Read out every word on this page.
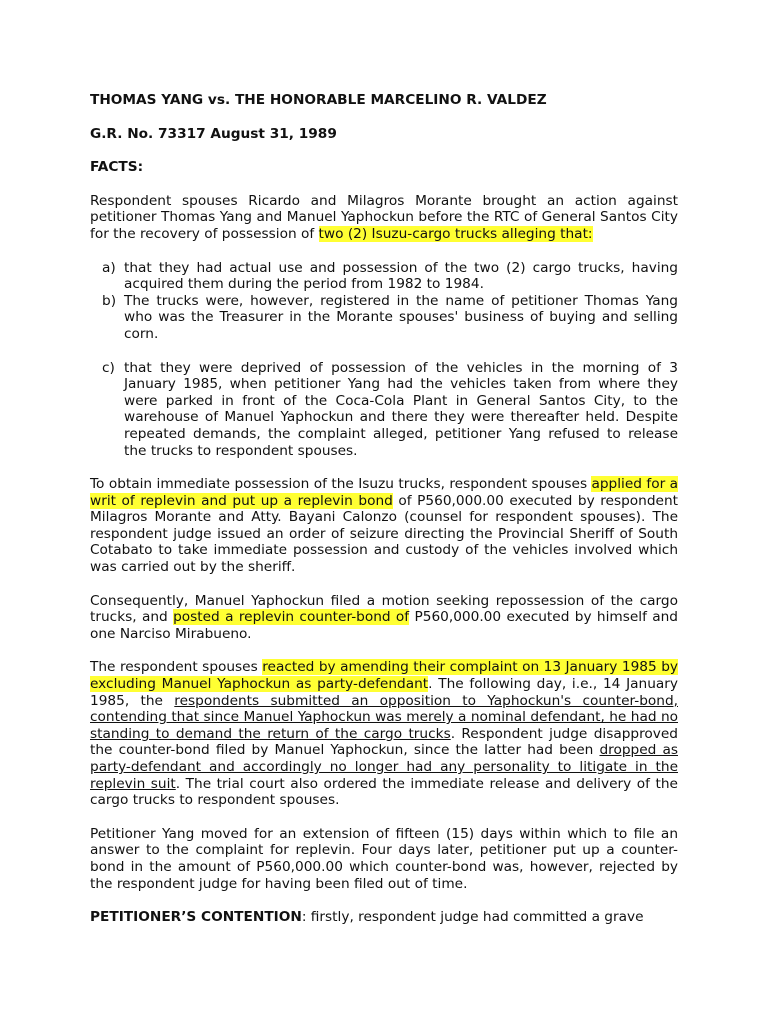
THOMAS YANG vs. THE HONORABLE MARCELINO R. VALDEZ

G.R. No. 73317 August 31, 1989

FACTS:

Respondent spouses Ricardo and Milagros Morante brought an action against petitioner Thomas Yang and Manuel Yaphockun before the RTC of General Santos City for the recovery of possession of two (2) Isuzu-cargo trucks alleging that:

a) that they had actual use and possession of the two (2) cargo trucks, having acquired them during the period from 1982 to 1984.
b) The trucks were, however, registered in the name of petitioner Thomas Yang who was the Treasurer in the Morante spouses' business of buying and selling corn.
c) that they were deprived of possession of the vehicles in the morning of 3 January 1985, when petitioner Yang had the vehicles taken from where they were parked in front of the Coca-Cola Plant in General Santos City, to the warehouse of Manuel Yaphockun and there they were thereafter held. Despite repeated demands, the complaint alleged, petitioner Yang refused to release the trucks to respondent spouses.

To obtain immediate possession of the Isuzu trucks, respondent spouses applied for a writ of replevin and put up a replevin bond of P560,000.00 executed by respondent Milagros Morante and Atty. Bayani Calonzo (counsel for respondent spouses). The respondent judge issued an order of seizure directing the Provincial Sheriff of South Cotabato to take immediate possession and custody of the vehicles involved which was carried out by the sheriff.

Consequently, Manuel Yaphockun filed a motion seeking repossession of the cargo trucks, and posted a replevin counter-bond of P560,000.00 executed by himself and one Narciso Mirabueno.

The respondent spouses reacted by amending their complaint on 13 January 1985 by excluding Manuel Yaphockun as party-defendant. The following day, i.e., 14 January 1985, the respondents submitted an opposition to Yaphockun's counter-bond, contending that since Manuel Yaphockun was merely a nominal defendant, he had no standing to demand the return of the cargo trucks. Respondent judge disapproved the counter-bond filed by Manuel Yaphockun, since the latter had been dropped as party-defendant and accordingly no longer had any personality to litigate in the replevin suit. The trial court also ordered the immediate release and delivery of the cargo trucks to respondent spouses.

Petitioner Yang moved for an extension of fifteen (15) days within which to file an answer to the complaint for replevin. Four days later, petitioner put up a counter-bond in the amount of P560,000.00 which counter-bond was, however, rejected by the respondent judge for having been filed out of time.

PETITIONER’S CONTENTION: firstly, respondent judge had committed a grave
